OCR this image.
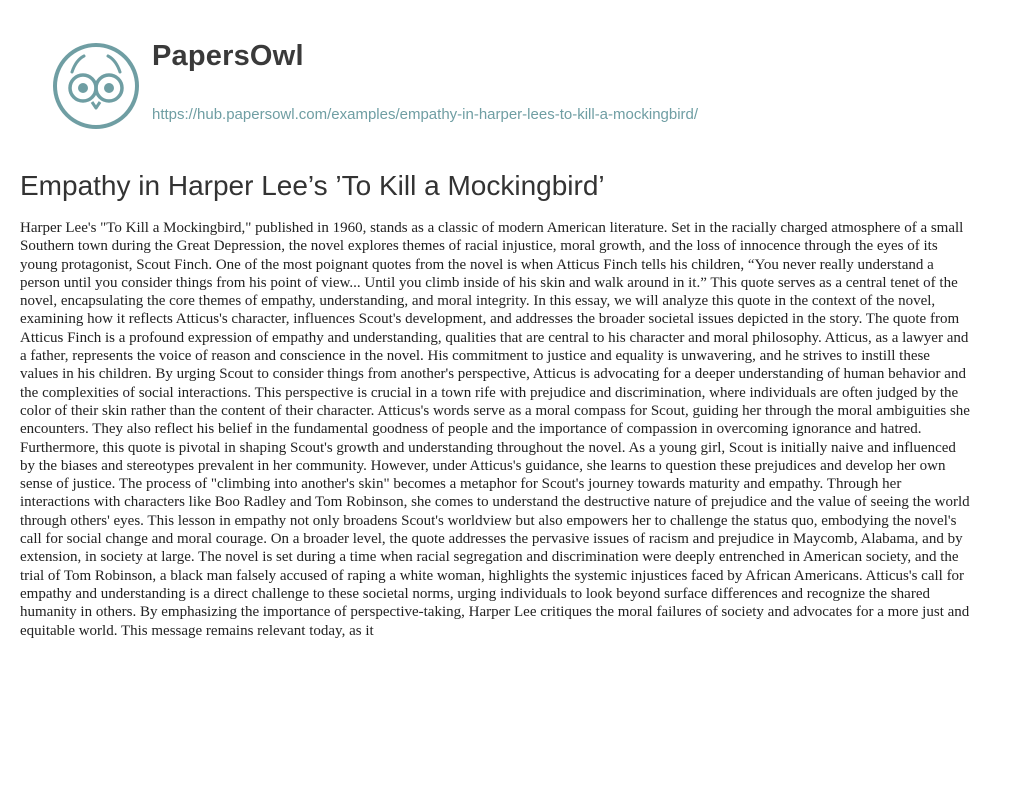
PapersOwl
https://hub.papersowl.com/examples/empathy-in-harper-lees-to-kill-a-mockingbird/
Empathy in Harper Lee’s ’To Kill a Mockingbird’

Harper Lee's "To Kill a Mockingbird," published in 1960, stands as a classic of modern American literature. Set in the racially charged atmosphere of a small Southern town during the Great Depression, the novel explores themes of racial injustice, moral growth, and the loss of innocence through the eyes of its young protagonist, Scout Finch. One of the most poignant quotes from the novel is when Atticus Finch tells his children, “You never really understand a person until you consider things from his point of view... Until you climb inside of his skin and walk around in it.” This quote serves as a central tenet of the novel, encapsulating the core themes of empathy, understanding, and moral integrity. In this essay, we will analyze this quote in the context of the novel, examining how it reflects Atticus's character, influences Scout's development, and addresses the broader societal issues depicted in the story. The quote from Atticus Finch is a profound expression of empathy and understanding, qualities that are central to his character and moral philosophy. Atticus, as a lawyer and a father, represents the voice of reason and conscience in the novel. His commitment to justice and equality is unwavering, and he strives to instill these values in his children. By urging Scout to consider things from another's perspective, Atticus is advocating for a deeper understanding of human behavior and the complexities of social interactions. This perspective is crucial in a town rife with prejudice and discrimination, where individuals are often judged by the color of their skin rather than the content of their character. Atticus's words serve as a moral compass for Scout, guiding her through the moral ambiguities she encounters. They also reflect his belief in the fundamental goodness of people and the importance of compassion in overcoming ignorance and hatred. Furthermore, this quote is pivotal in shaping Scout's growth and understanding throughout the novel. As a young girl, Scout is initially naive and influenced by the biases and stereotypes prevalent in her community. However, under Atticus's guidance, she learns to question these prejudices and develop her own sense of justice. The process of "climbing into another's skin" becomes a metaphor for Scout's journey towards maturity and empathy. Through her interactions with characters like Boo Radley and Tom Robinson, she comes to understand the destructive nature of prejudice and the value of seeing the world through others' eyes. This lesson in empathy not only broadens Scout's worldview but also empowers her to challenge the status quo, embodying the novel's call for social change and moral courage. On a broader level, the quote addresses the pervasive issues of racism and prejudice in Maycomb, Alabama, and by extension, in society at large. The novel is set during a time when racial segregation and discrimination were deeply entrenched in American society, and the trial of Tom Robinson, a black man falsely accused of raping a white woman, highlights the systemic injustices faced by African Americans. Atticus's call for empathy and understanding is a direct challenge to these societal norms, urging individuals to look beyond surface differences and recognize the shared humanity in others. By emphasizing the importance of perspective-taking, Harper Lee critiques the moral failures of society and advocates for a more just and equitable world. This message remains relevant today, as it
